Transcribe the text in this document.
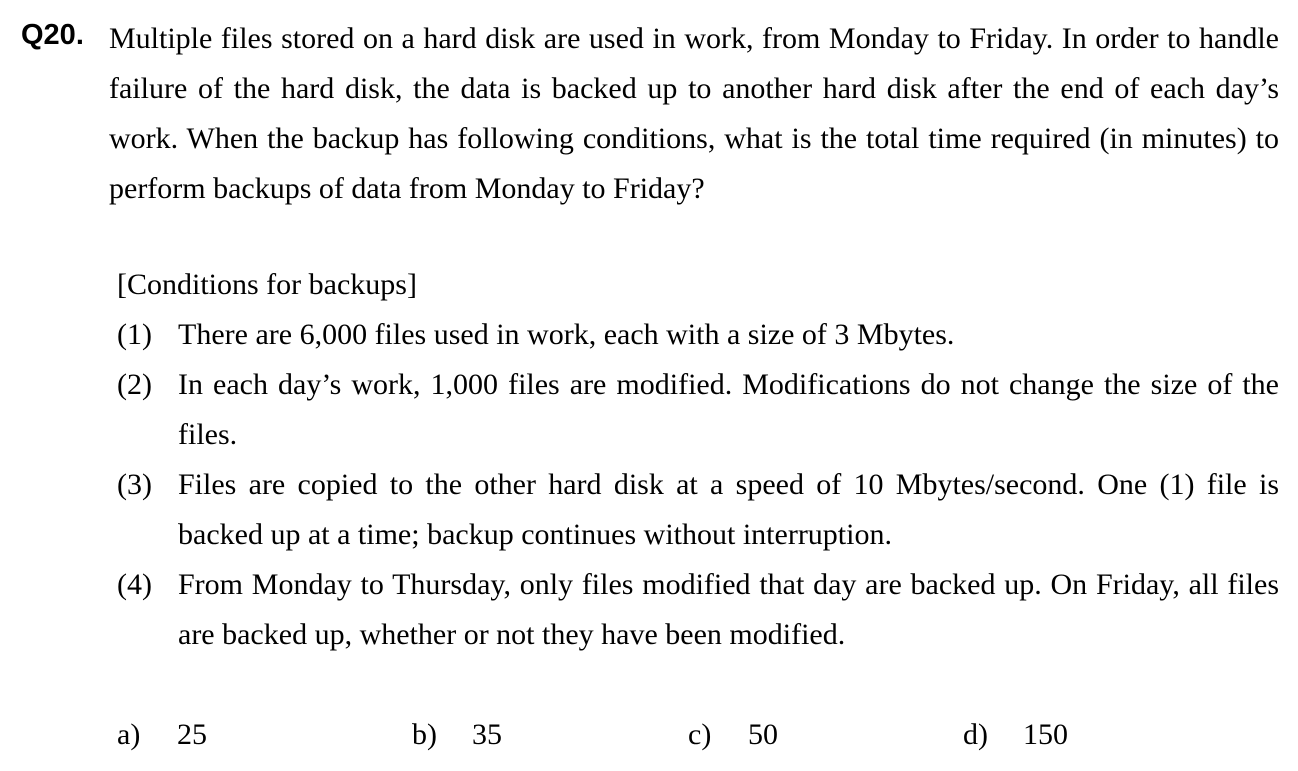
Q20. Multiple files stored on a hard disk are used in work, from Monday to Friday. In order to handle failure of the hard disk, the data is backed up to another hard disk after the end of each day’s work. When the backup has following conditions, what is the total time required (in minutes) to perform backups of data from Monday to Friday?
[Conditions for backups]
(1) There are 6,000 files used in work, each with a size of 3 Mbytes.
(2) In each day’s work, 1,000 files are modified. Modifications do not change the size of the files.
(3) Files are copied to the other hard disk at a speed of 10 Mbytes/second. One (1) file is backed up at a time; backup continues without interruption.
(4) From Monday to Thursday, only files modified that day are backed up. On Friday, all files are backed up, whether or not they have been modified.
a) 25	b) 35	c) 50	d) 150
